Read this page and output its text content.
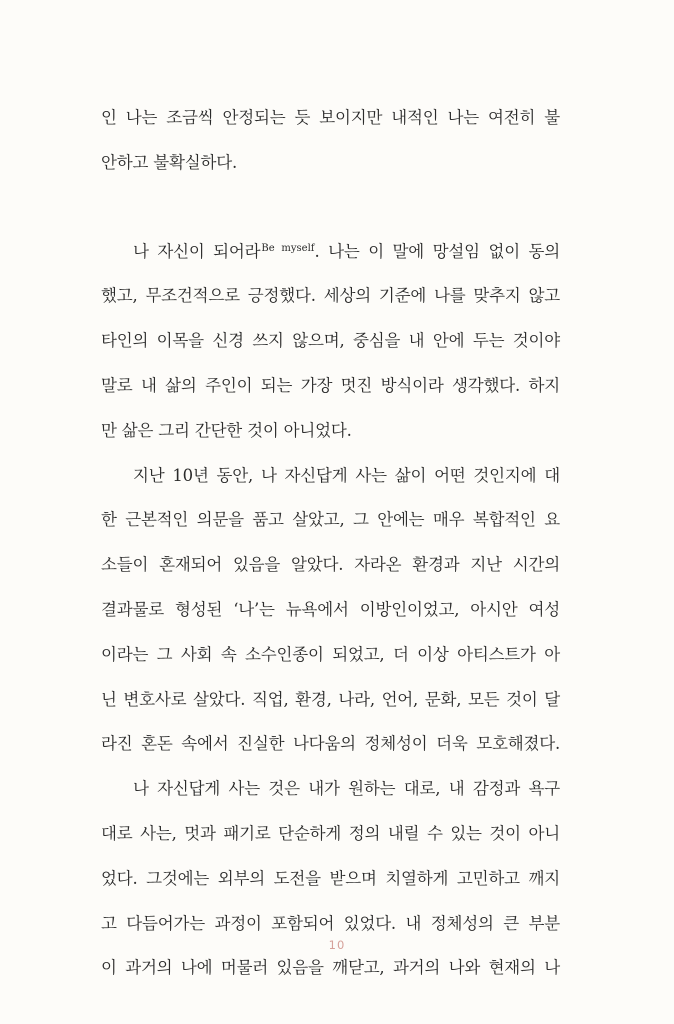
인 나는 조금씩 안정되는 듯 보이지만 내적인 나는 여전히 불
안하고 불확실하다.
나 자신이 되어라$^{Be myself}$. 나는 이 말에 망설임 없이 동의
했고, 무조건적으로 긍정했다. 세상의 기준에 나를 맞추지 않고
타인의 이목을 신경 쓰지 않으며, 중심을 내 안에 두는 것이야
말로 내 삶의 주인이 되는 가장 멋진 방식이라 생각했다. 하지
만 삶은 그리 간단한 것이 아니었다.
지난 10년 동안, 나 자신답게 사는 삶이 어떤 것인지에 대
한 근본적인 의문을 품고 살았고, 그 안에는 매우 복합적인 요
소들이 혼재되어 있음을 알았다. 자라온 환경과 지난 시간의
결과물로 형성된 ‘나’는 뉴욕에서 이방인이었고, 아시안 여성
이라는 그 사회 속 소수인종이 되었고, 더 이상 아티스트가 아
닌 변호사로 살았다. 직업, 환경, 나라, 언어, 문화, 모든 것이 달
라진 혼돈 속에서 진실한 나다움의 정체성이 더욱 모호해졌다.
나 자신답게 사는 것은 내가 원하는 대로, 내 감정과 욕구
대로 사는, 멋과 패기로 단순하게 정의 내릴 수 있는 것이 아니
었다. 그것에는 외부의 도전을 받으며 치열하게 고민하고 깨지
고 다듬어가는 과정이 포함되어 있었다. 내 정체성의 큰 부분
이 과거의 나에 머물러 있음을 깨닫고, 과거의 나와 현재의 나
10
